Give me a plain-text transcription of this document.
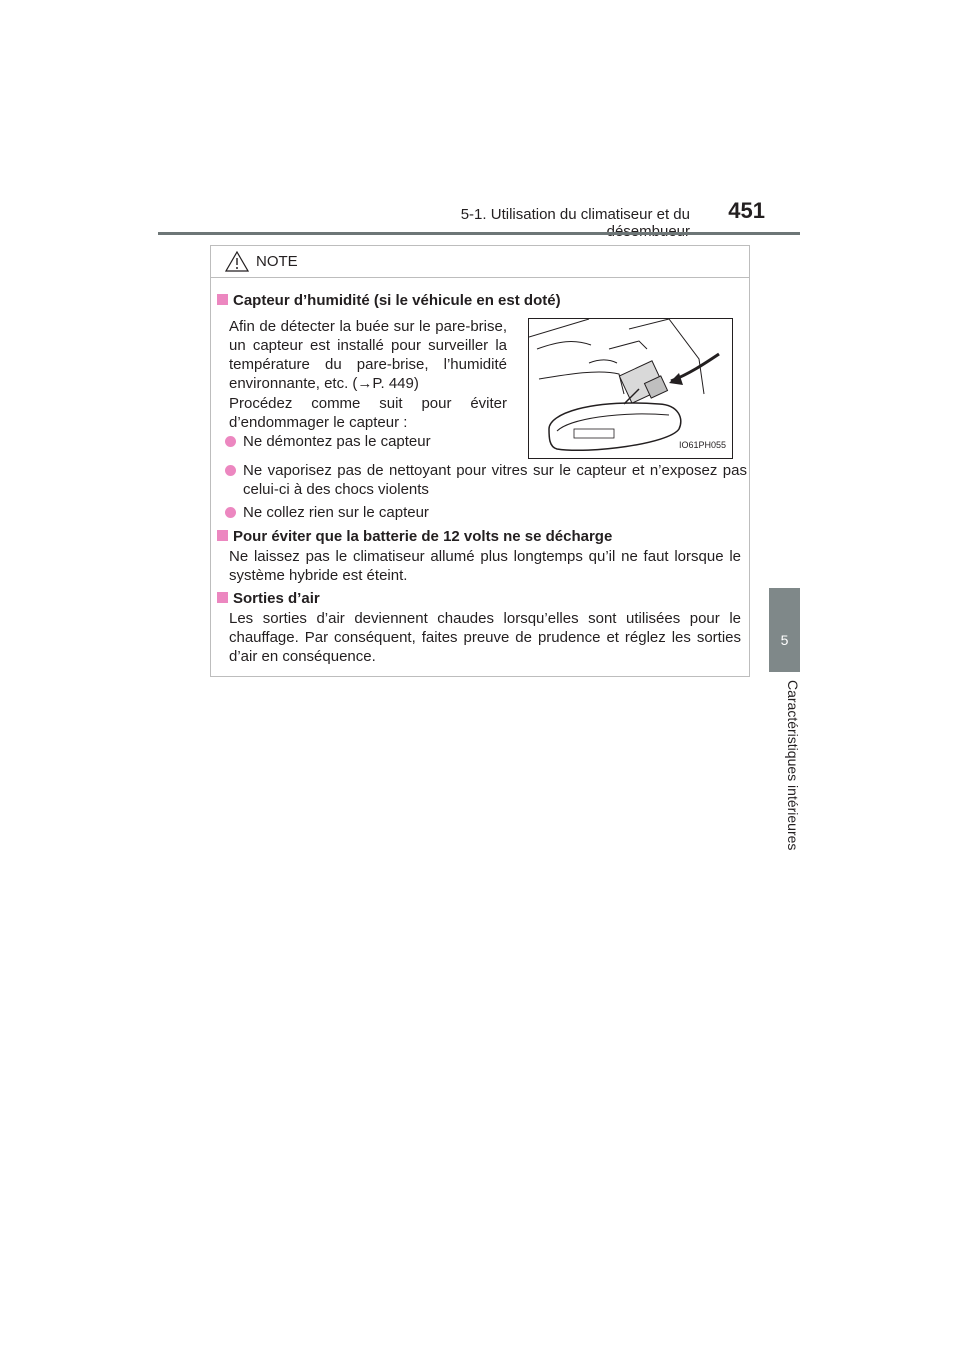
5-1. Utilisation du climatiseur et du	451
5
Caractéristiques intérieures
NOTE
Capteur d’humidité (si le véhicule en est doté)
Afin de détecter la buée sur le pare-brise, un capteur est installé pour surveiller la température du pare-brise, l’humidité environnante, etc. (→P. 449)
Procédez comme suit pour éviter d’endommager le capteur :
Ne démontez pas le capteur	IO61PH055
Ne vaporisez pas de nettoyant pour vitres sur le capteur et n’exposez pas celui-ci à des chocs violents
Ne collez rien sur le capteur
Pour éviter que la batterie de 12 volts ne se décharge
Ne laissez pas le climatiseur allumé plus longtemps qu’il ne faut lorsque le système hybride est éteint.
Sorties d’air
Les sorties d’air deviennent chaudes lorsqu’elles sont utilisées pour le chauffage. Par conséquent, faites preuve de prudence et réglez les sorties d’air en conséquence.
